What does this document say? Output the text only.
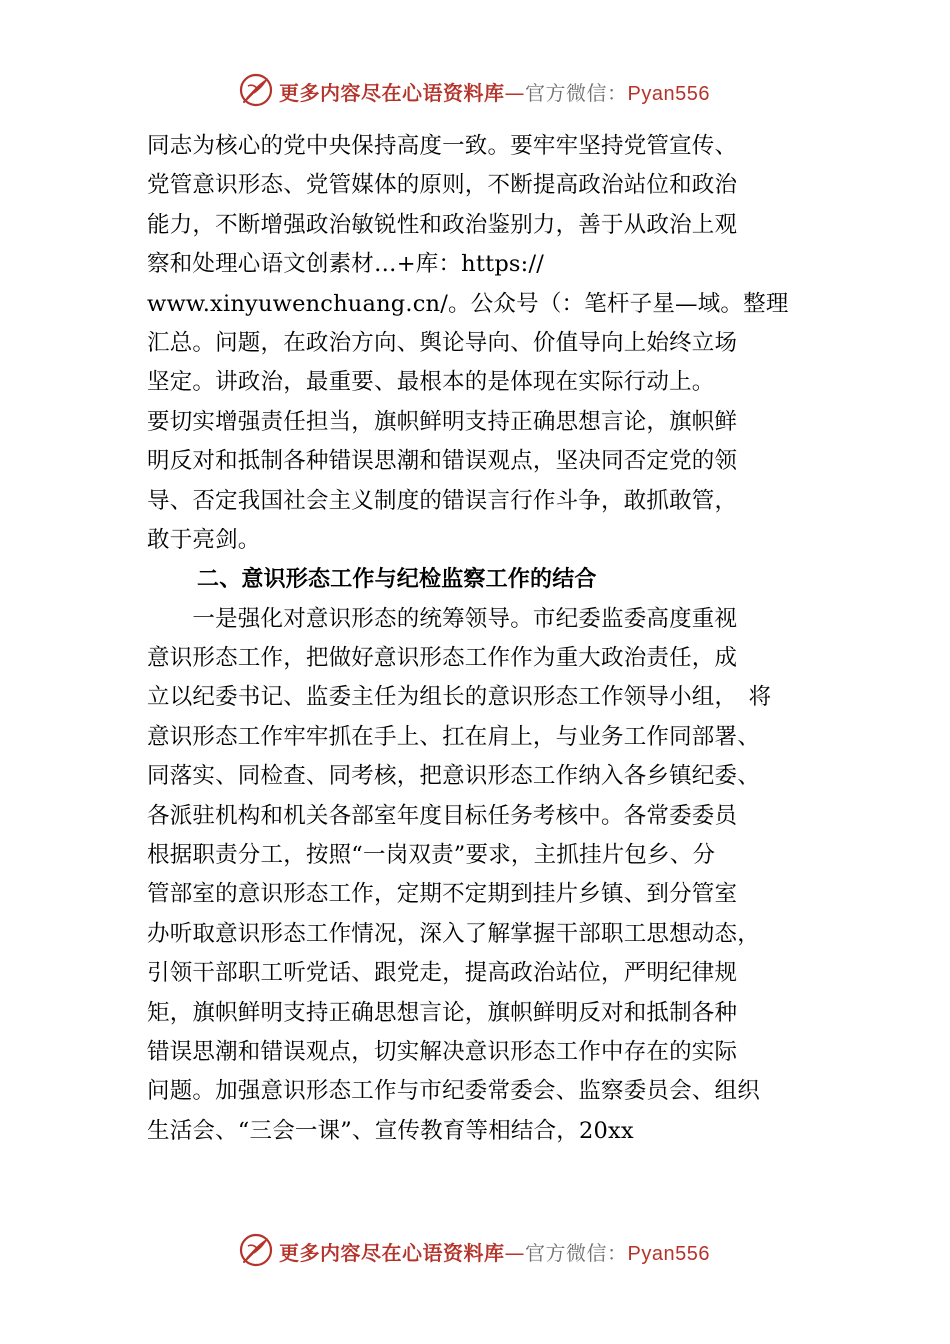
更多内容尽在心语资料库—官方微信：Pyan556
同志为核心的党中央保持高度一致。要牢牢坚持党管宣传、
党管意识形态、党管媒体的原则，不断提高政治站位和政治
能力，不断增强政治敏锐性和政治鉴别力，善于从政治上观
察和处理心语文创素材…+库：https://
www.xinyuwenchuang.cn/。公众号（：笔杆子星—域。整理
汇总。问题，在政治方向、舆论导向、价值导向上始终立场
坚定。讲政治，最重要、最根本的是体现在实际行动上。
要切实增强责任担当，旗帜鲜明支持正确思想言论，旗帜鲜
明反对和抵制各种错误思潮和错误观点，坚决同否定党的领
导、否定我国社会主义制度的错误言行作斗争，敢抓敢管，
敢于亮剑。
二、意识形态工作与纪检监察工作的结合
　　一是强化对意识形态的统筹领导。市纪委监委高度重视
意识形态工作，把做好意识形态工作作为重大政治责任，成
立以纪委书记、监委主任为组长的意识形态工作领导小组，　将
意识形态工作牢牢抓在手上、扛在肩上，与业务工作同部署、
同落实、同检查、同考核，把意识形态工作纳入各乡镇纪委、
各派驻机构和机关各部室年度目标任务考核中。各常委委员
根据职责分工，按照“一岗双责”要求，主抓挂片包乡、分
管部室的意识形态工作，定期不定期到挂片乡镇、到分管室
办听取意识形态工作情况，深入了解掌握干部职工思想动态，
引领干部职工听党话、跟党走，提高政治站位，严明纪律规
矩，旗帜鲜明支持正确思想言论，旗帜鲜明反对和抵制各种
错误思潮和错误观点，切实解决意识形态工作中存在的实际
问题。加强意识形态工作与市纪委常委会、监察委员会、组织
生活会、“三会一课”、宣传教育等相结合，20xx
更多内容尽在心语资料库—官方微信：Pyan556
